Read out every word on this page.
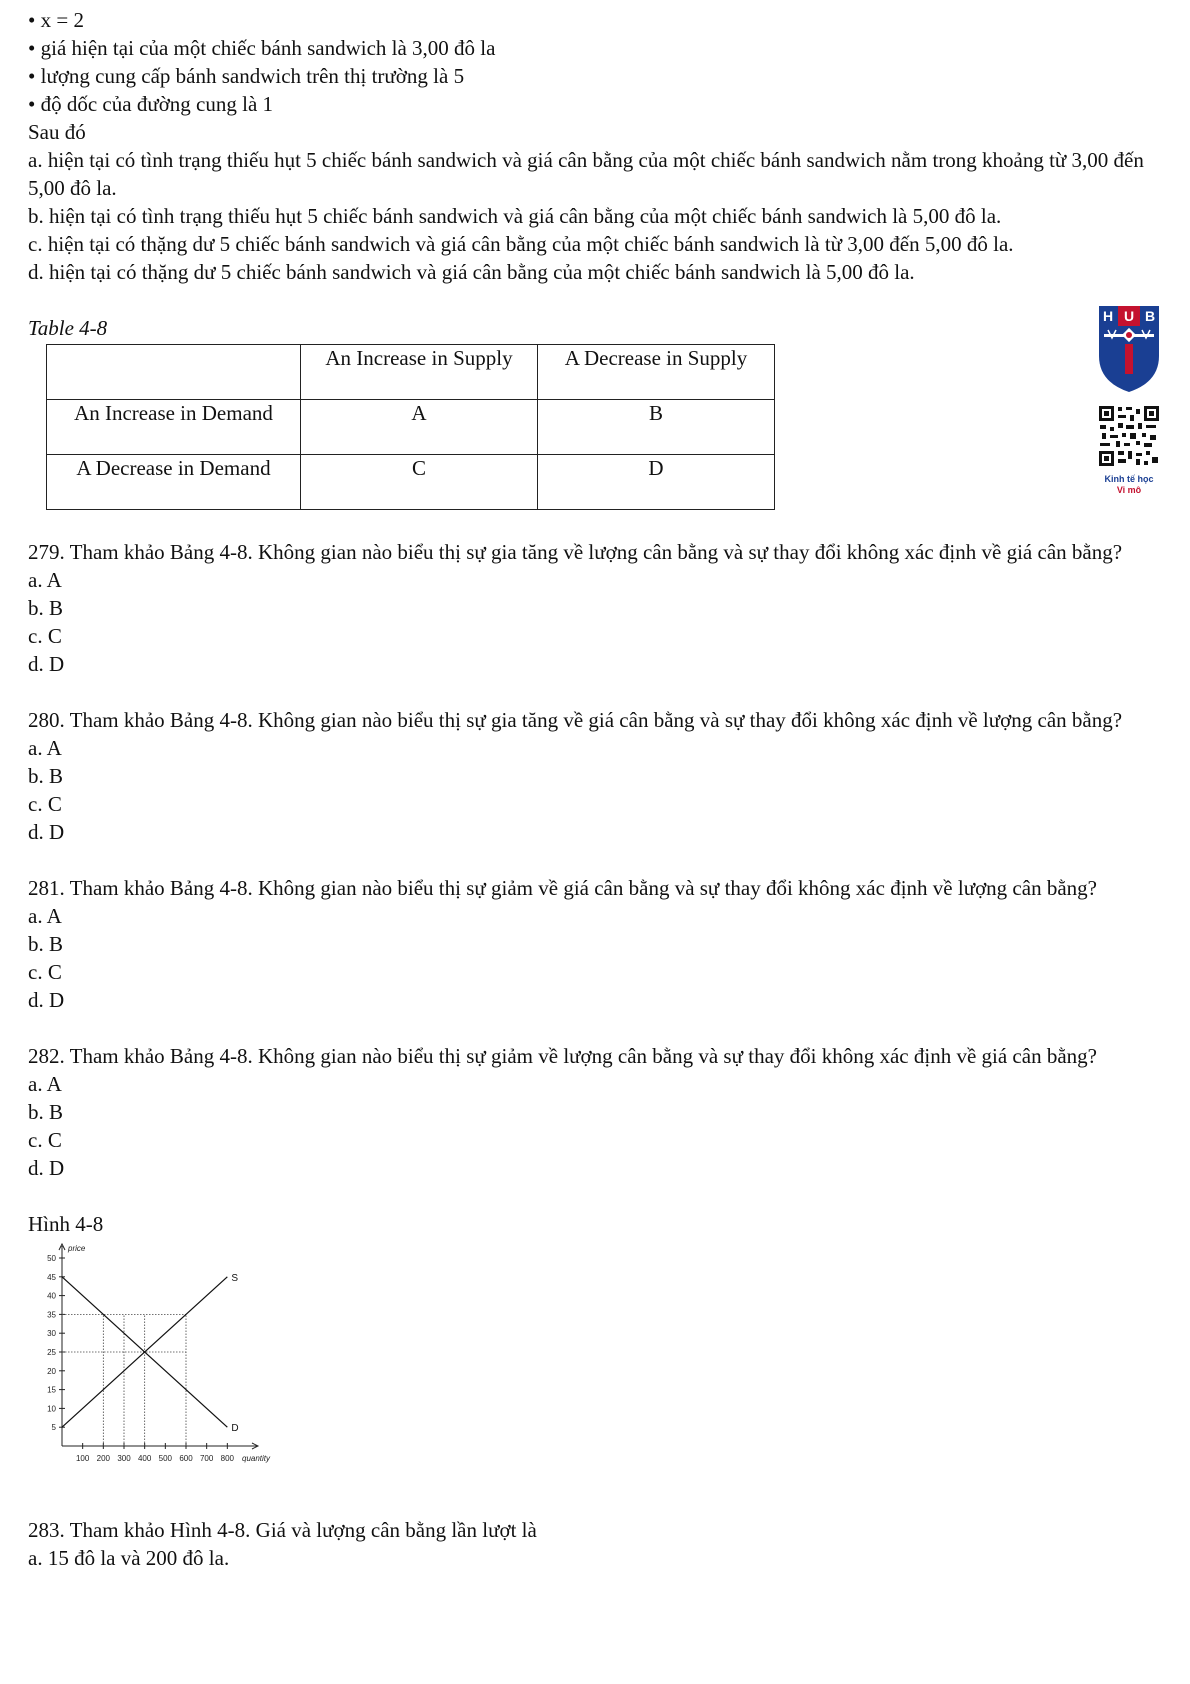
• x = 2
• giá hiện tại của một chiếc bánh sandwich là 3,00 đô la
• lượng cung cấp bánh sandwich trên thị trường là 5
• độ dốc của đường cung là 1
Sau đó
a. hiện tại có tình trạng thiếu hụt 5 chiếc bánh sandwich và giá cân bằng của một chiếc bánh sandwich nằm trong khoảng từ 3,00 đến 5,00 đô la.
b. hiện tại có tình trạng thiếu hụt 5 chiếc bánh sandwich và giá cân bằng của một chiếc bánh sandwich là 5,00 đô la.
c. hiện tại có thặng dư 5 chiếc bánh sandwich và giá cân bằng của một chiếc bánh sandwich là từ 3,00 đến 5,00 đô la.
d. hiện tại có thặng dư 5 chiếc bánh sandwich và giá cân bằng của một chiếc bánh sandwich là 5,00 đô la.
Table 4-8
	An Increase in Supply	A Decrease in Supply
An Increase in Demand	A	B
A Decrease in Demand	C	D
279. Tham khảo Bảng 4-8. Không gian nào biểu thị sự gia tăng về lượng cân bằng và sự thay đổi không xác định về giá cân bằng?
a. A
b. B
c. C
d. D
280. Tham khảo Bảng 4-8. Không gian nào biểu thị sự gia tăng về giá cân bằng và sự thay đổi không xác định về lượng cân bằng?
a. A
b. B
c. C
d. D
281. Tham khảo Bảng 4-8. Không gian nào biểu thị sự giảm về giá cân bằng và sự thay đổi không xác định về lượng cân bằng?
a. A
b. B
c. C
d. D
282. Tham khảo Bảng 4-8. Không gian nào biểu thị sự giảm về lượng cân bằng và sự thay đổi không xác định về giá cân bằng?
a. A
b. B
c. C
d. D
Hình 4-8
5
10
15
20
25
30
35
40
45
50
100 200 300 400 500 600 700 800
price
quantity
S
D
283. Tham khảo Hình 4-8. Giá và lượng cân bằng lần lượt là
a. 15 đô la và 200 đô la.
H U B

Kinh tế học
Vi mô
